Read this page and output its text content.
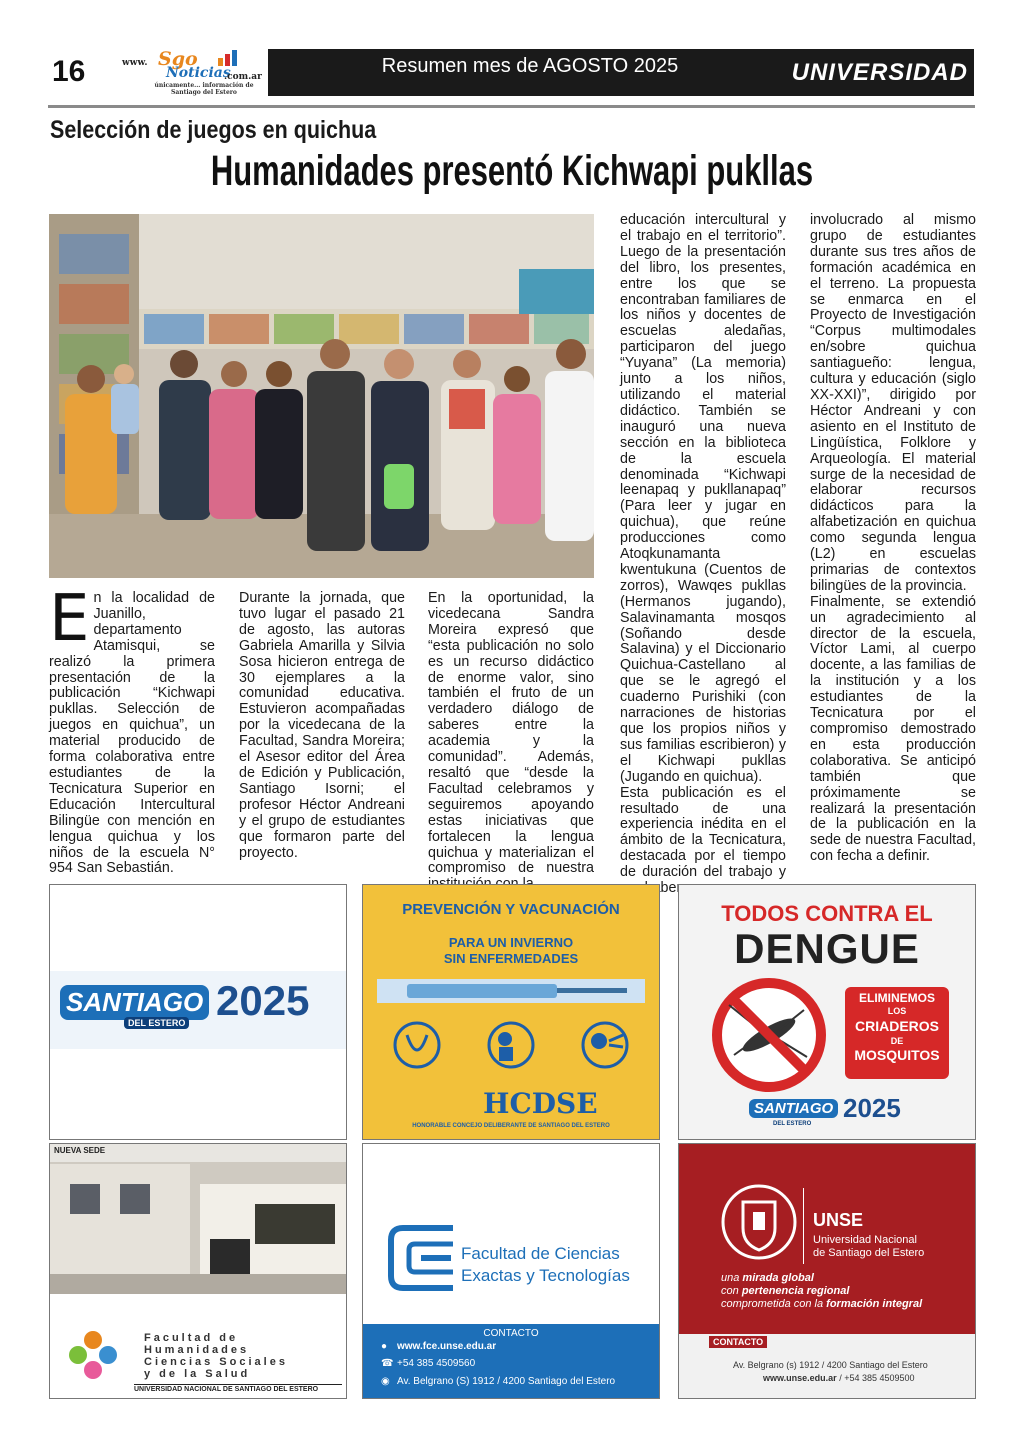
16	www. Sgo
Noticias
.com.ar
únicamente... información de Santiago del Estero
Resumen mes de AGOSTO 2025	UNIVERSIDAD
Selección de juegos en quichua
Humanidades presentó Kichwapi pukllas

En la localidad de Juanillo, departamento Atamisqui, se realizó la primera presentación de la publicación “Kichwapi pukllas. Selección de juegos en quichua”, un material producido de forma colaborativa entre estudiantes de la Tecnicatura Superior en Educación Intercultural Bilingüe con mención en lengua quichua y los niños de la escuela N° 954 San Sebastián.

Durante la jornada, que tuvo lugar el pasado 21 de agosto, las autoras Gabriela Amarilla y Silvia Sosa hicieron entrega de 30 ejemplares a la comunidad educativa. Estuvieron acompañadas por la vicedecana de la Facultad, Sandra Moreira; el Asesor editor del Área de Edición y Publicación, Santiago Isorni; el profesor Héctor Andreani y el grupo de estudiantes que formaron parte del proyecto.

En la oportunidad, la vicedecana Sandra Moreira expresó que “esta publicación no solo es un recurso didáctico de enorme valor, sino también el fruto de un verdadero diálogo de saberes entre la academia y la comunidad”. Además, resaltó que “desde la Facultad celebramos y seguiremos apoyando estas iniciativas que fortalecen la lengua quichua y materializan el compromiso de nuestra

educación intercultural y el trabajo en el territorio”. Luego de la presentación del libro, los presentes, entre los que se encontraban familiares de los niños y docentes de escuelas aledañas, participaron del juego “Yuyana” (La memoria) junto a los niños, utilizando el material didáctico. También se inauguró una nueva sección en la biblioteca de la escuela denominada “Kichwapi leenapaq y pukllanapaq” (Para leer y jugar en quichua), que reúne producciones como Atoqkunamanta kwentukuna (Cuentos de zorros), Wawqes pukllas (Hermanos jugando), Salavinamanta mosqos (Soñando desde Salavina) y el Diccionario Quichua-Castellano al que se le agregó el cuaderno Purishiki (con narraciones de historias que los propios niños y sus familias escribieron) y el Kichwapi pukllas (Jugando en quichua).

Esta publicación es el resultado de una experiencia inédita en el ámbito de la Tecnicatura, destacada por el tiempo de duración del trabajo y haber

involucrado al mismo grupo de estudiantes durante sus tres años de formación académica en el terreno. La propuesta se enmarca en el Proyecto de Investigación “Corpus multimodales en/sobre quichua santiagueño: lengua, cultura y educación (siglo XX-XXI)”, dirigido por Héctor Andreani y con asiento en el Instituto de Lingüística, Folklore y Arqueología. El material surge de la necesidad de elaborar recursos didácticos para la alfabetización en quichua como segunda lengua (L2) en escuelas primarias de contextos bilingües de la provincia.

Finalmente, se extendió un agradecimiento al director de la escuela, Víctor Lami, al cuerpo docente, a las familias de la institución y a los estudiantes de la Tecnicatura por el compromiso demostrado en esta producción colaborativa. Se anticipó también que próximamente se realizará la presentación de la publicación en la sede de nuestra Facultad, con fecha a definir.

SANTIAGO 2025
DEL ESTERO
PREVENCIÓN Y VACUNACIÓN
PARA UN INVIERNO
SIN ENFERMEDADES
HCDSE
HONORABLE CONCEJO DELIBERANTE DE SANTIAGO DEL ESTERO
TODOS CONTRA EL
DENGUE
ELIMINEMOS
LOS
CRIADEROS
DE
MOSQUITOS
SANTIAGO
DEL ESTERO
2025
NUEVA SEDE
Facultad de
Humanidades
Ciencias Sociales
y de la Salud
UNIVERSIDAD NACIONAL DE SANTIAGO DEL ESTERO
Facultad de Ciencias
Exactas y Tecnologías
CONTACTO
● www.fce.unse.edu.ar
☎ +54 385 4509560
◉ Av. Belgrano (S) 1912 / 4200 Santiago del Estero
UNSE
Universidad Nacional
de Santiago del Estero
una mirada global
con pertenencia regional
comprometida con la formación integral
CONTACTO
Av. Belgrano (s) 1912 / 4200 Santiago del Estero
www.unse.edu.ar / +54 385 4509500
